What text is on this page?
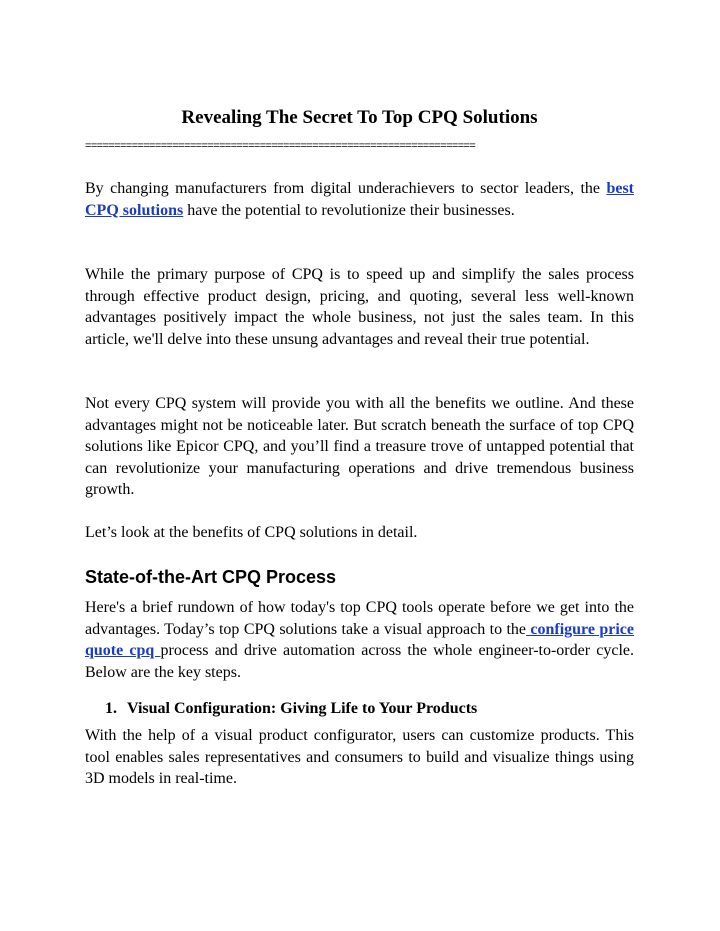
Revealing The Secret To Top CPQ Solutions
===================================================================

By changing manufacturers from digital underachievers to sector leaders, the best CPQ solutions have the potential to revolutionize their businesses.

While the primary purpose of CPQ is to speed up and simplify the sales process through effective product design, pricing, and quoting, several less well-known advantages positively impact the whole business, not just the sales team. In this article, we'll delve into these unsung advantages and reveal their true potential.

Not every CPQ system will provide you with all the benefits we outline. And these advantages might not be noticeable later. But scratch beneath the surface of top CPQ solutions like Epicor CPQ, and you’ll find a treasure trove of untapped potential that can revolutionize your manufacturing operations and drive tremendous business growth.

Let’s look at the benefits of CPQ solutions in detail.

State-of-the-Art CPQ Process

Here's a brief rundown of how today's top CPQ tools operate before we get into the advantages. Today’s top CPQ solutions take a visual approach to the configure price quote cpq process and drive automation across the whole engineer-to-order cycle. Below are the key steps.

1. Visual Configuration: Giving Life to Your Products

With the help of a visual product configurator, users can customize products. This tool enables sales representatives and consumers to build and visualize things using 3D models in real-time.
